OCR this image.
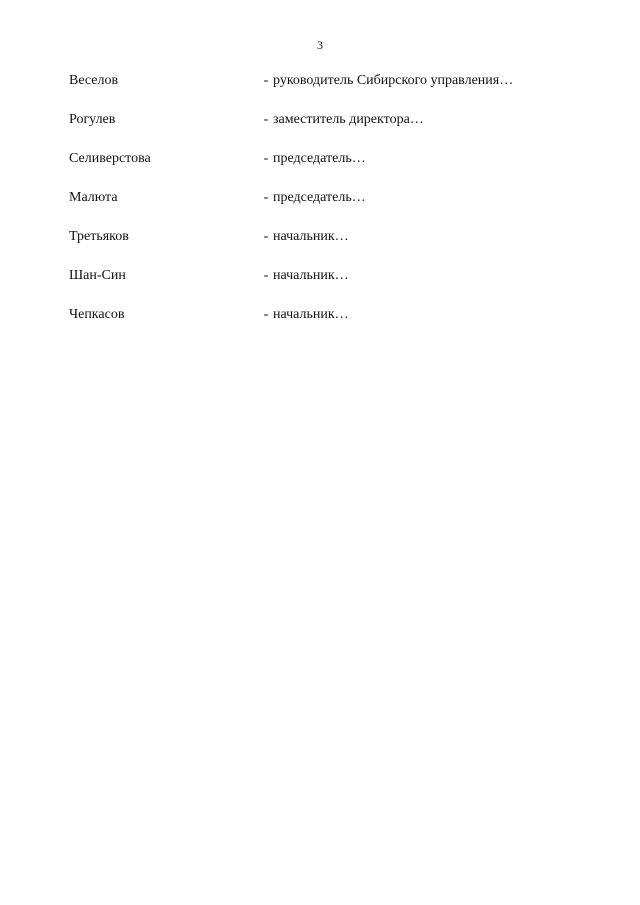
3
Веселов	- руководитель Сибирского управления…
Рогулев	- заместитель директора…
Селиверстова	- председатель…
Малюта	- председатель…
Третьяков	- начальник…
Шан-Син	- начальник…
Чепкасов	- начальник…
